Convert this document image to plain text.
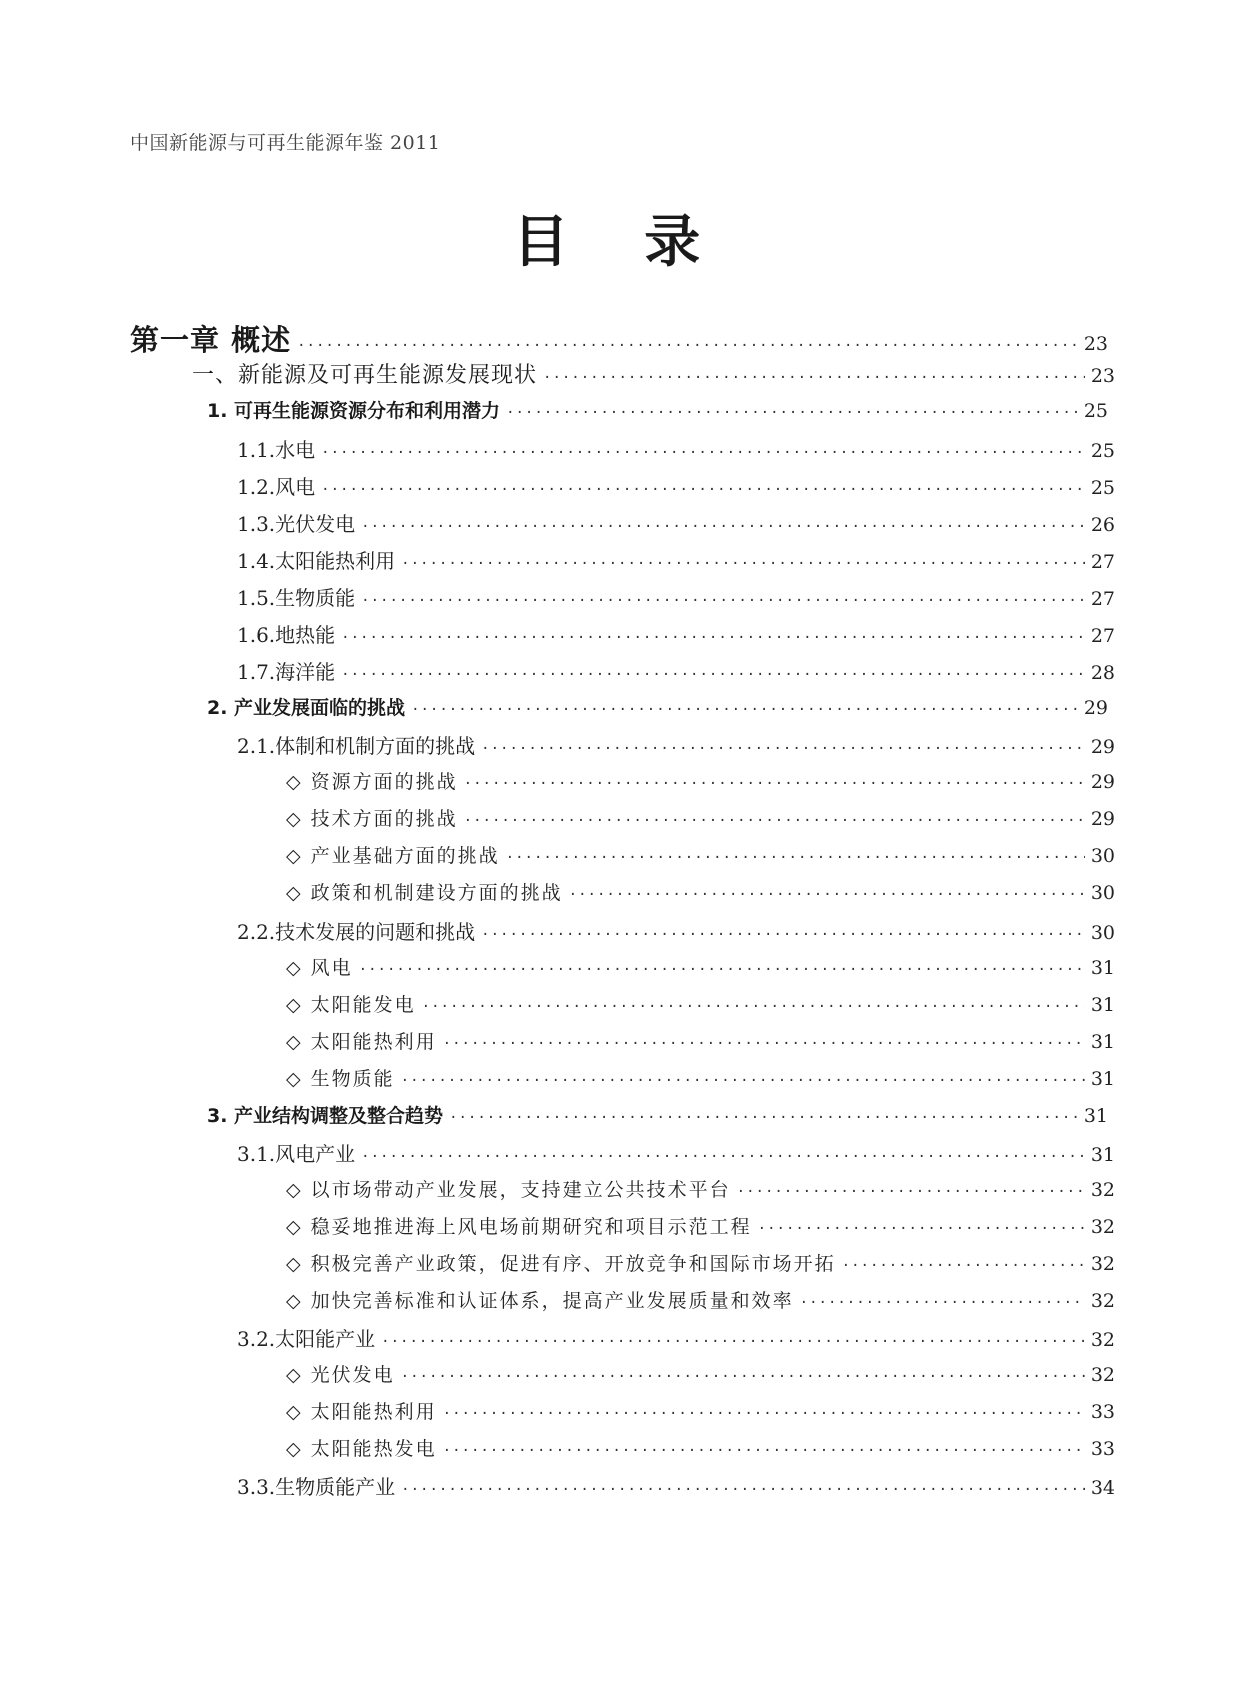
中国新能源与可再生能源年鉴 2011
目 录
第一章 概述 ·····	23
一、新能源及可再生能源发展现状 ·····	23
1. 可再生能源资源分布和利用潜力 ·····	25
1.1.水电 ·····	25
1.2.风电 ·····	25
1.3.光伏发电 ·····	26
1.4.太阳能热利用 ·····	27
1.5.生物质能 ·····	27
1.6.地热能 ·····	27
1.7.海洋能 ·····	28
2. 产业发展面临的挑战 ·····	29
2.1.体制和机制方面的挑战 ·····	29
◇ 资源方面的挑战 ·····	29
◇ 技术方面的挑战 ·····	29
◇ 产业基础方面的挑战 ·····	30
◇ 政策和机制建设方面的挑战 ·····	30
2.2.技术发展的问题和挑战 ·····	30
◇ 风电 ·····	31
◇ 太阳能发电 ·····	31
◇ 太阳能热利用 ·····	31
◇ 生物质能 ·····	31
3. 产业结构调整及整合趋势 ·····	31
3.1.风电产业 ·····	31
◇ 以市场带动产业发展，支持建立公共技术平台 ·····	32
◇ 稳妥地推进海上风电场前期研究和项目示范工程 ·····	32
◇ 积极完善产业政策，促进有序、开放竞争和国际市场开拓 ·····	32
◇ 加快完善标准和认证体系，提高产业发展质量和效率 ·····	32
3.2.太阳能产业 ·····	32
◇ 光伏发电 ·····	32
◇ 太阳能热利用 ·····	33
◇ 太阳能热发电 ·····	33
3.3.生物质能产业 ·····	34
